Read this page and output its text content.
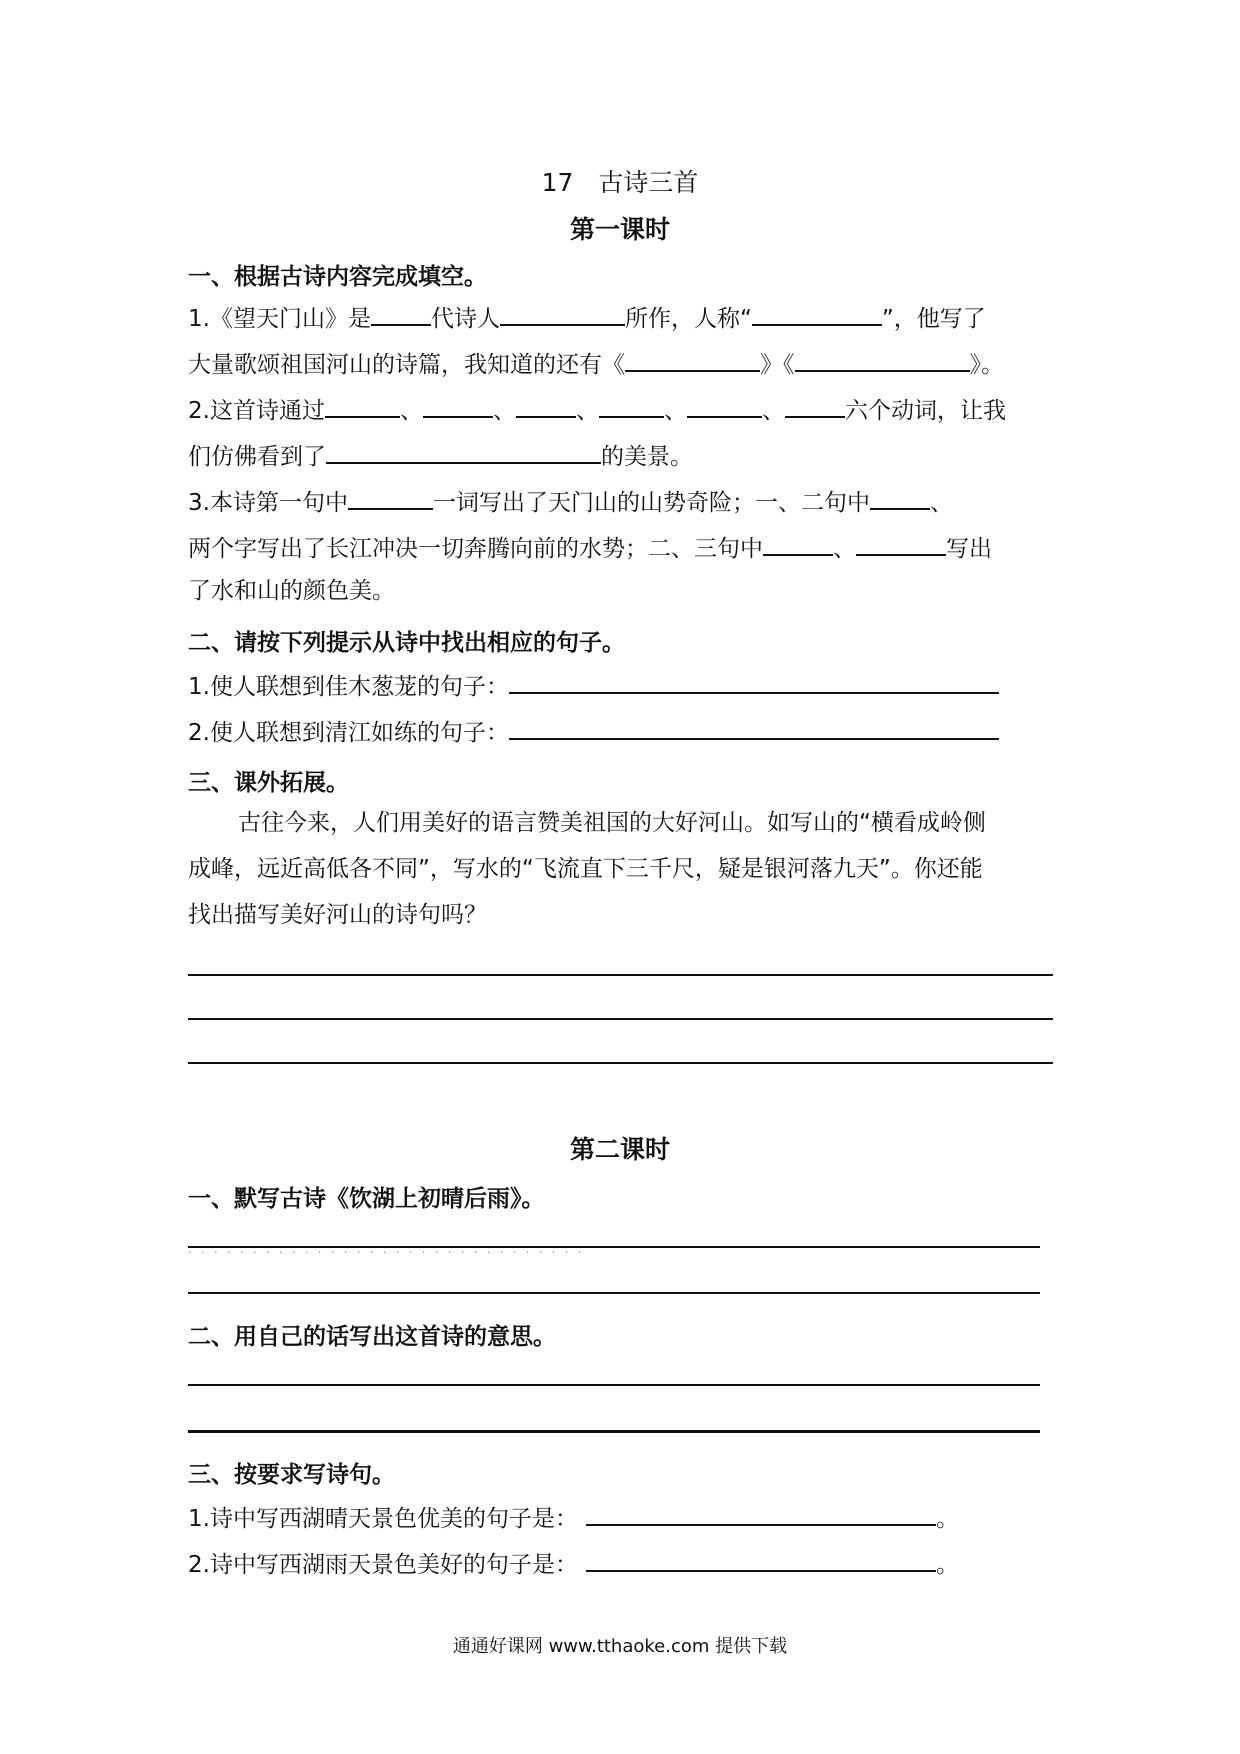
17　古诗三首
第一课时
一、根据古诗内容完成填空。
1.《望天门山》是	代诗人	所作，人称“	”，他写了
大量歌颂祖国河山的诗篇，我知道的还有《	》《	》。
2.这首诗通过	、	、	、	、	、	六个动词，让我
们仿佛看到了	的美景。
3.本诗第一句中	一词写出了天门山的山势奇险；一、二句中	、
两个字写出了长江冲决一切奔腾向前的水势；二、三句中	、	写出
了水和山的颜色美。
二、请按下列提示从诗中找出相应的句子。
1.使人联想到佳木葱茏的句子：
2.使人联想到清江如练的句子：
三、课外拓展。
古往今来，人们用美好的语言赞美祖国的大好河山。如写山的“横看成岭侧
成峰，远近高低各不同”，写水的“飞流直下三千尺，疑是银河落九天”。你还能
找出描写美好河山的诗句吗？
第二课时
一、默写古诗《饮湖上初晴后雨》。
· · · · · · · · · · · · · · · · · · · · · · · · · · · · · · ·
二、用自己的话写出这首诗的意思。
三、按要求写诗句。
1.诗中写西湖晴天景色优美的句子是：	。
2.诗中写西湖雨天景色美好的句子是：	。
通通好课网 www.tthaoke.com 提供下载
